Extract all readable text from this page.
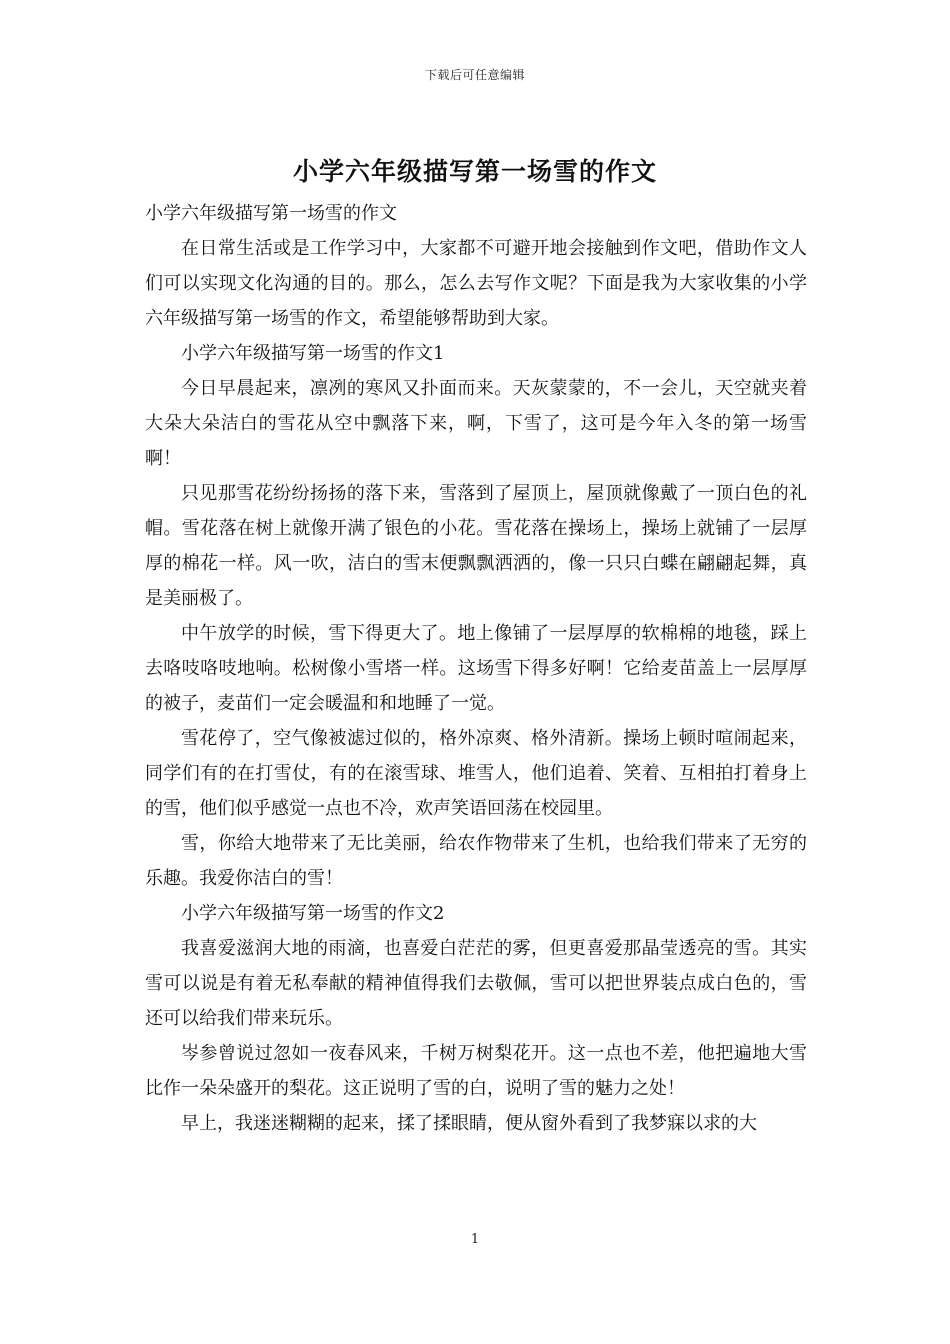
下载后可任意编辑
小学六年级描写第一场雪的作文

小学六年级描写第一场雪的作文

在日常生活或是工作学习中，大家都不可避开地会接触到作文吧，借助作文人们可以实现文化沟通的目的。那么，怎么去写作文呢？下面是我为大家收集的小学六年级描写第一场雪的作文，希望能够帮助到大家。

小学六年级描写第一场雪的作文1

今日早晨起来，凛冽的寒风又扑面而来。天灰蒙蒙的，不一会儿，天空就夹着大朵大朵洁白的雪花从空中飘落下来，啊，下雪了，这可是今年入冬的第一场雪啊！

只见那雪花纷纷扬扬的落下来，雪落到了屋顶上，屋顶就像戴了一顶白色的礼帽。雪花落在树上就像开满了银色的小花。雪花落在操场上，操场上就铺了一层厚厚的棉花一样。风一吹，洁白的雪末便飘飘洒洒的，像一只只白蝶在翩翩起舞，真是美丽极了。

中午放学的时候，雪下得更大了。地上像铺了一层厚厚的软棉棉的地毯，踩上去咯吱咯吱地响。松树像小雪塔一样。这场雪下得多好啊！它给麦苗盖上一层厚厚的被子，麦苗们一定会暖温和和地睡了一觉。

雪花停了，空气像被滤过似的，格外凉爽、格外清新。操场上顿时喧闹起来，同学们有的在打雪仗，有的在滚雪球、堆雪人，他们追着、笑着、互相拍打着身上的雪，他们似乎感觉一点也不冷，欢声笑语回荡在校园里。

雪，你给大地带来了无比美丽，给农作物带来了生机，也给我们带来了无穷的乐趣。我爱你洁白的雪！

小学六年级描写第一场雪的作文2

我喜爱滋润大地的雨滴，也喜爱白茫茫的雾，但更喜爱那晶莹透亮的雪。其实雪可以说是有着无私奉献的精神值得我们去敬佩，雪可以把世界装点成白色的，雪还可以给我们带来玩乐。

岑参曾说过忽如一夜春风来，千树万树梨花开。这一点也不差，他把遍地大雪比作一朵朵盛开的梨花。这正说明了雪的白，说明了雪的魅力之处！

早上，我迷迷糊糊的起来，揉了揉眼睛，便从窗外看到了我梦寐以求的大

1
